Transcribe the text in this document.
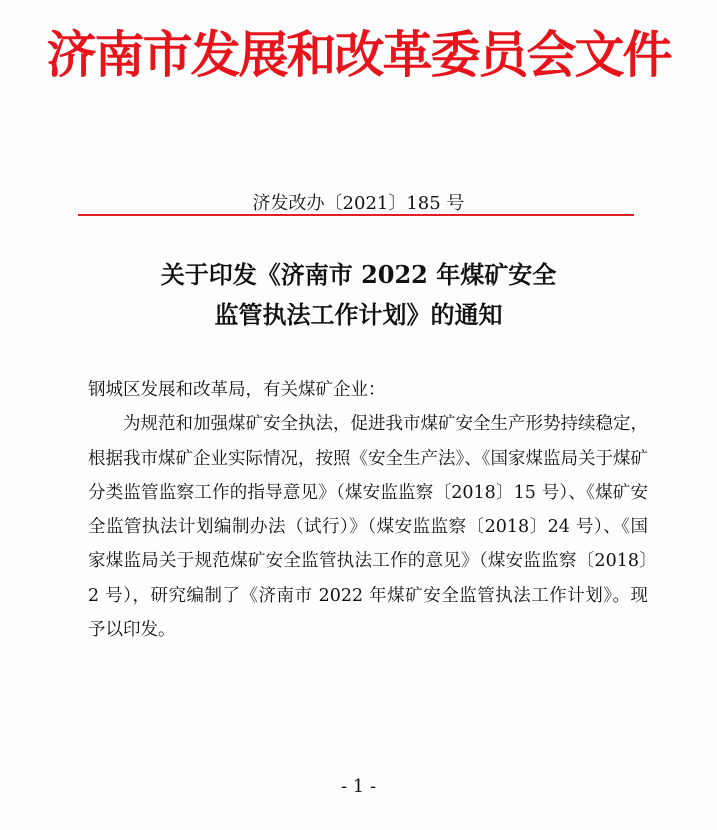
济南市发展和改革委员会文件
济发改办〔2021〕185 号
关于印发《济南市 2022 年煤矿安全
监管执法工作计划》的通知
钢城区发展和改革局，有关煤矿企业：
为规范和加强煤矿安全执法，促进我市煤矿安全生产形势持续稳定，根据我市煤矿企业实际情况，按照《安全生产法》、《国家煤监局关于煤矿分类监管监察工作的指导意见》（煤安监监察〔2018〕15 号）、《煤矿安全监管执法计划编制办法（试行）》（煤安监监察〔2018〕24 号）、《国家煤监局关于规范煤矿安全监管执法工作的意见》（煤安监监察〔2018〕2 号），研究编制了《济南市 2022 年煤矿安全监管执法工作计划》。现予以印发。
- 1 -
